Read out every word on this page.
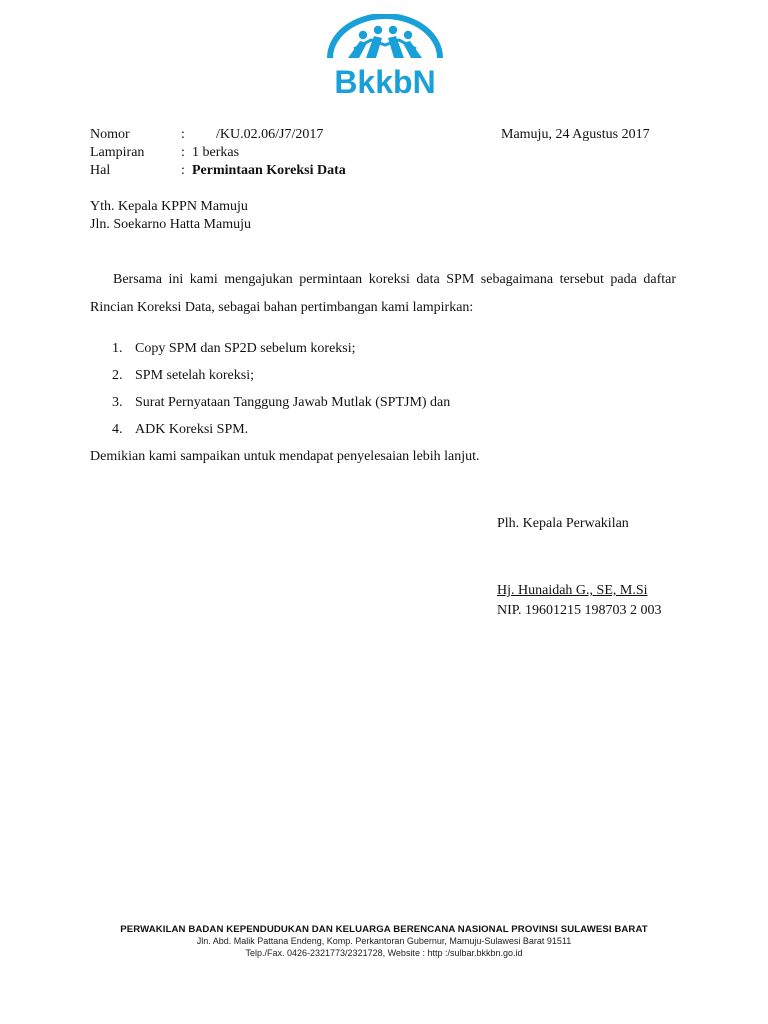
BkkbN
Nomor	: /KU.02.06/J7/2017	Mamuju, 24 Agustus 2017
Lampiran	: 1 berkas
Hal	: Permintaan Koreksi Data
Yth. Kepala KPPN Mamuju
Jln. Soekarno Hatta Mamuju
Bersama ini kami mengajukan permintaan koreksi data SPM sebagaimana tersebut pada daftar Rincian Koreksi Data, sebagai bahan pertimbangan kami lampirkan:
1. Copy SPM dan SP2D sebelum koreksi;
2. SPM setelah koreksi;
3. Surat Pernyataan Tanggung Jawab Mutlak (SPTJM) dan
4. ADK Koreksi SPM.
Demikian kami sampaikan untuk mendapat penyelesaian lebih lanjut.
Plh. Kepala Perwakilan
Hj. Hunaidah G., SE, M.Si
NIP. 19601215 198703 2 003
PERWAKILAN BADAN KEPENDUDUKAN DAN KELUARGA BERENCANA NASIONAL PROVINSI SULAWESI BARAT
Jln. Abd. Malik Pattana Endeng, Komp. Perkantoran Gubernur, Mamuju-Sulawesi Barat 91511
Telp./Fax. 0426-2321773/2321728, Website : http :/sulbar.bkkbn.go.id
